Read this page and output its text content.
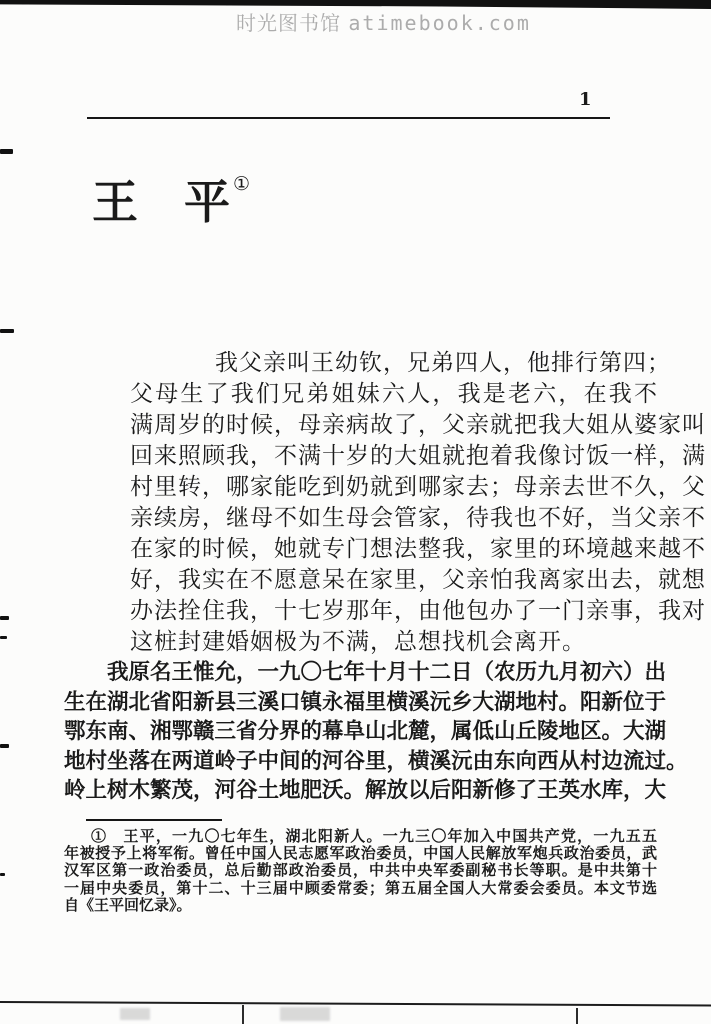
时光图书馆 atimebook.com
1
王 平 ①
我父亲叫王幼钦，兄弟四人，他排行第四；
父母生了我们兄弟姐妹六人，我是老六，在我不
满周岁的时候，母亲病故了，父亲就把我大姐从婆家叫
回来照顾我，不满十岁的大姐就抱着我像讨饭一样，满
村里转，哪家能吃到奶就到哪家去；母亲去世不久，父
亲续房，继母不如生母会管家，待我也不好，当父亲不
在家的时候，她就专门想法整我，家里的环境越来越不
好，我实在不愿意呆在家里，父亲怕我离家出去，就想
办法拴住我，十七岁那年，由他包办了一门亲事，我对
这桩封建婚姻极为不满，总想找机会离开。
我原名王惟允，一九〇七年十月十二日（农历九月初六）出
生在湖北省阳新县三溪口镇永福里横溪沅乡大湖地村。阳新位于
鄂东南、湘鄂赣三省分界的幕阜山北麓，属低山丘陵地区。大湖
地村坐落在两道岭子中间的河谷里，横溪沅由东向西从村边流过。
岭上树木繁茂，河谷土地肥沃。解放以后阳新修了王英水库，大
①　王平，一九〇七年生，湖北阳新人。一九三〇年加入中国共产党，一九五五
年被授予上将军衔。曾任中国人民志愿军政治委员，中国人民解放军炮兵政治委员，武
汉军区第一政治委员，总后勤部政治委员，中共中央军委副秘书长等职。是中共第十
一届中央委员，第十二、十三届中顾委常委；第五届全国人大常委会委员。本文节选
自《王平回忆录》。
